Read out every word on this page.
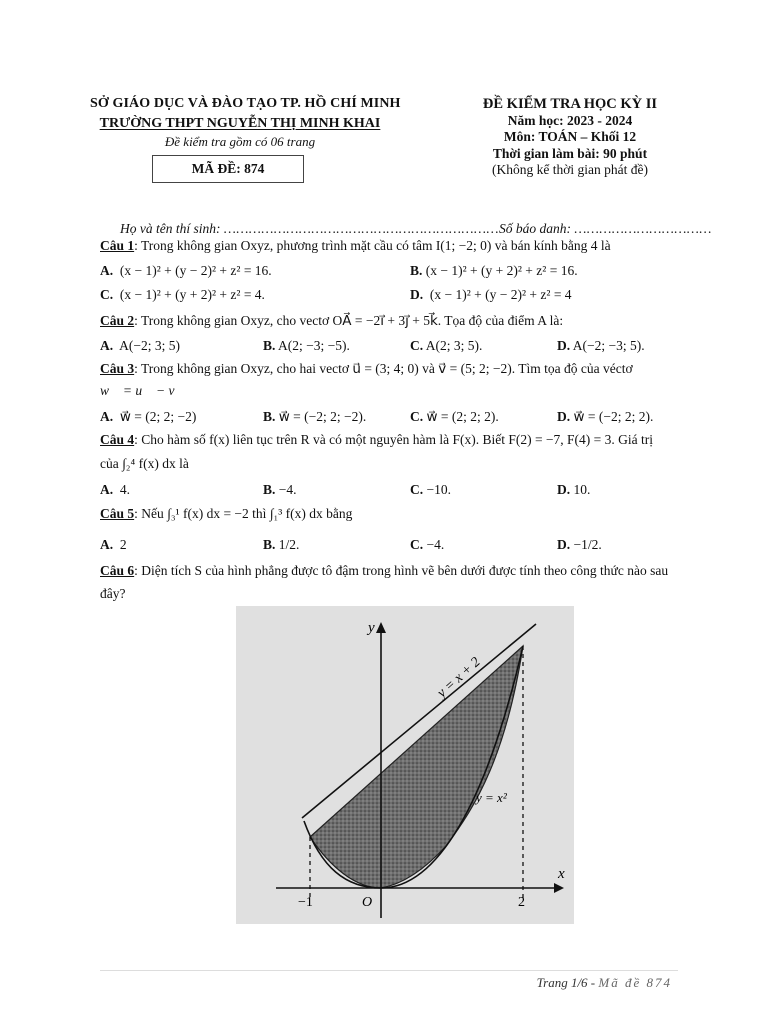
SỞ GIÁO DỤC VÀ ĐÀO TẠO TP. HỒ CHÍ MINH
TRƯỜNG THPT NGUYỄN THỊ MINH KHAI
Đề kiểm tra gồm có 06 trang
MÃ ĐỀ: 874
ĐỀ KIỂM TRA HỌC KỲ II
Năm học: 2023 - 2024
Môn: TOÁN – Khối 12
Thời gian làm bài: 90 phút
(Không kể thời gian phát đề)
Họ và tên thí sinh: …………………………………………………………Số báo danh: ……………………………
Câu 1: Trong không gian Oxyz, phương trình mặt cầu có tâm I(1; −2; 0) và bán kính bằng 4 là
A. (x − 1)² + (y − 2)² + z² = 16.	B. (x − 1)² + (y + 2)² + z² = 16.
C. (x − 1)² + (y + 2)² + z² = 4.	D. (x − 1)² + (y − 2)² + z² = 4
Câu 2: Trong không gian Oxyz, cho vectơ OA⃗ = −2i⃗ + 3j⃗ + 5k⃗. Tọa độ của điểm A là:
A. A(−2; 3; 5)	B. A(2; −3; −5).	C. A(2; 3; 5).	D. A(−2; −3; 5).
Câu 3: Trong không gian Oxyz, cho hai vectơ u⃗ = (3; 4; 0) và v⃗ = (5; 2; −2). Tìm tọa độ của véctơ
w⃗ = u⃗ − v⃗
A. w⃗ = (2; 2; −2)	B. w⃗ = (−2; 2; −2).	C. w⃗ = (2; 2; 2).	D. w⃗ = (−2; 2; 2).
Câu 4: Cho hàm số f(x) liên tục trên R và có một nguyên hàm là F(x). Biết F(2) = −7, F(4) = 3. Giá trị
của ∫₂⁴ f(x) dx là
A. 4.	B. −4.	C. −10.	D. 10.
Câu 5: Nếu ∫₃¹ f(x) dx = −2 thì ∫₁³ f(x) dx bằng
A. 2	B. 1/2.	C. −4.	D. −1/2.
Câu 6: Diện tích S của hình phẳng được tô đậm trong hình vẽ bên dưới được tính theo công thức nào sau
đây?
y
x
y = x + 2
y = x²
−1	O	2
Trang 1/6 - Mã đề 874
